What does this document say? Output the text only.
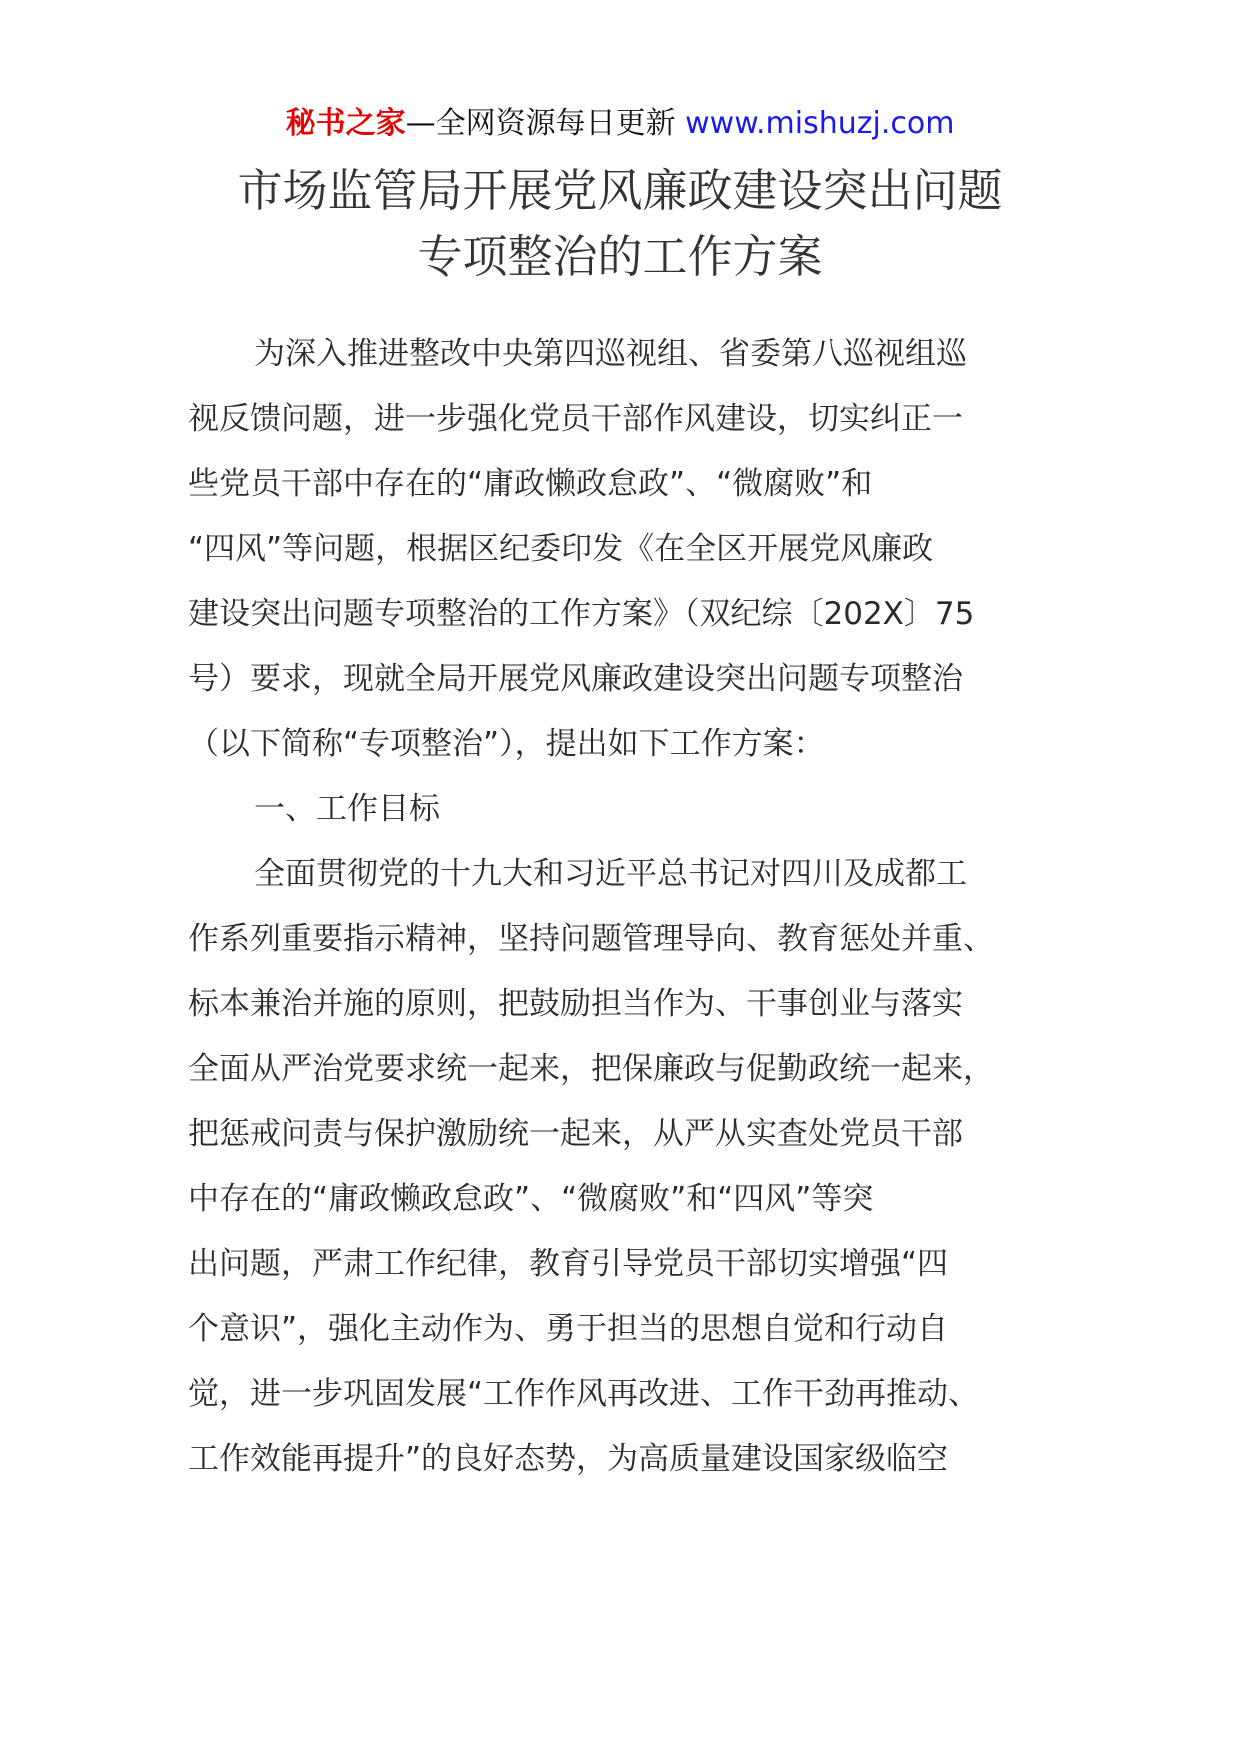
秘书之家—全网资源每日更新 www.mishuzj.com
市场监管局开展党风廉政建设突出问题
专项整治的工作方案
为深入推进整改中央第四巡视组、省委第八巡视组巡
视反馈问题，进一步强化党员干部作风建设，切实纠正一
些党员干部中存在的“庸政懒政怠政”、“微腐败”和
“四风”等问题，根据区纪委印发《在全区开展党风廉政
建设突出问题专项整治的工作方案》（双纪综〔202X〕75
号）要求，现就全局开展党风廉政建设突出问题专项整治
（以下简称“专项整治”），提出如下工作方案：
一、工作目标
全面贯彻党的十九大和习近平总书记对四川及成都工
作系列重要指示精神，坚持问题管理导向、教育惩处并重、
标本兼治并施的原则，把鼓励担当作为、干事创业与落实
全面从严治党要求统一起来，把保廉政与促勤政统一起来，
把惩戒问责与保护激励统一起来，从严从实查处党员干部
中存在的“庸政懒政怠政”、“微腐败”和“四风”等突
出问题，严肃工作纪律，教育引导党员干部切实增强“四
个意识”，强化主动作为、勇于担当的思想自觉和行动自
觉，进一步巩固发展“工作作风再改进、工作干劲再推动、
工作效能再提升”的良好态势，为高质量建设国家级临空
